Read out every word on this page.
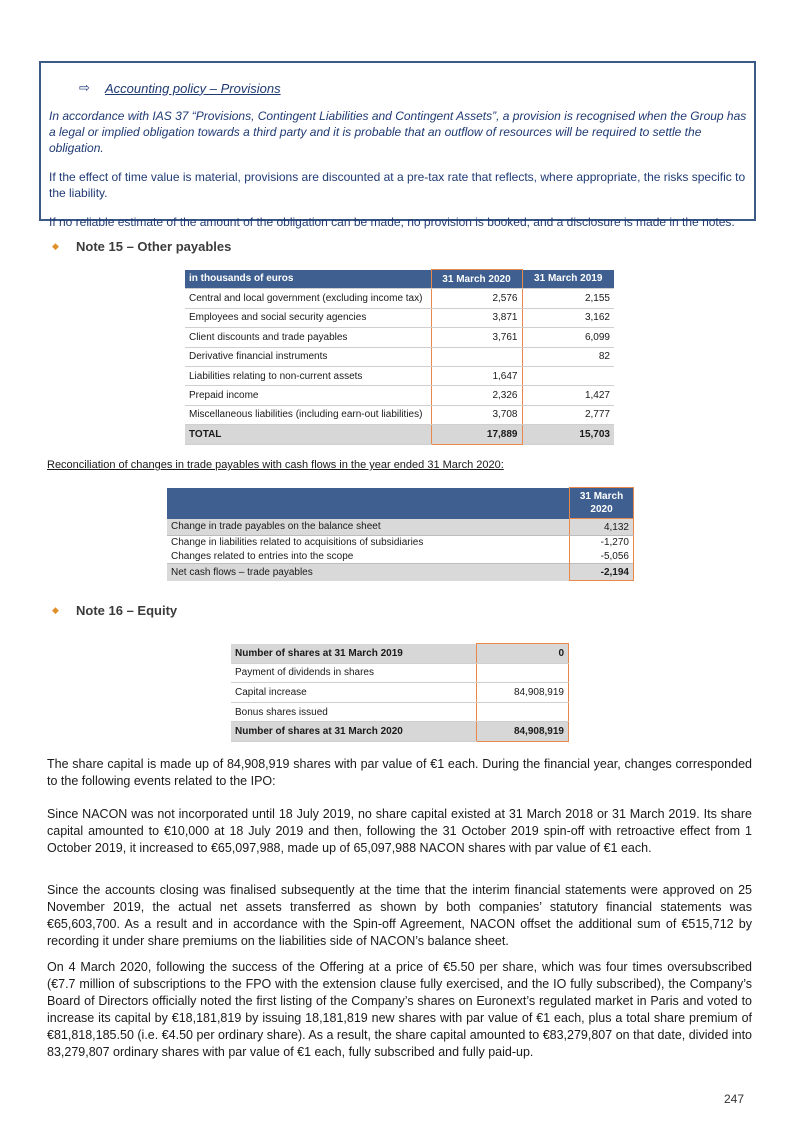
⇨	Accounting policy – Provisions

In accordance with IAS 37 “Provisions, Contingent Liabilities and Contingent Assets”, a provision is recognised when the Group has a legal or implied obligation towards a third party and it is probable that an outflow of resources will be required to settle the obligation.

If the effect of time value is material, provisions are discounted at a pre-tax rate that reflects, where appropriate, the risks specific to the liability.

If no reliable estimate of the amount of the obligation can be made, no provision is booked, and a disclosure is made in the notes.

◆	Note 15 – Other payables
in thousands of euros	31 March 2020	31 March 2019
Central and local government (excluding income tax)	2,576	2,155
Employees and social security agencies	3,871	3,162
Client discounts and trade payables	3,761	6,099
Derivative financial instruments		82
Liabilities relating to non-current assets	1,647	
Prepaid income	2,326	1,427
Miscellaneous liabilities (including earn-out liabilities)	3,708	2,777
TOTAL	17,889	15,703
Reconciliation of changes in trade payables with cash flows in the year ended 31 March 2020:
	31 March 2020
Change in trade payables on the balance sheet	4,132
Change in liabilities related to acquisitions of subsidiaries	-1,270
Changes related to entries into the scope	-5,056
Net cash flows – trade payables	-2,194
◆	Note 16 – Equity
Number of shares at 31 March 2019	0
Payment of dividends in shares	
Capital increase	84,908,919
Bonus shares issued	
Number of shares at 31 March 2020	84,908,919

The share capital is made up of 84,908,919 shares with par value of €1 each. During the financial year, changes corresponded to the following events related to the IPO:

Since NACON was not incorporated until 18 July 2019, no share capital existed at 31 March 2018 or 31 March 2019. Its share capital amounted to €10,000 at 18 July 2019 and then, following the 31 October 2019 spin-off with retroactive effect from 1 October 2019, it increased to €65,097,988, made up of 65,097,988 NACON shares with par value of €1 each.

Since the accounts closing was finalised subsequently at the time that the interim financial statements were approved on 25 November 2019, the actual net assets transferred as shown by both companies’ statutory financial statements was €65,603,700. As a result and in accordance with the Spin-off Agreement, NACON offset the additional sum of €515,712 by recording it under share premiums on the liabilities side of NACON’s balance sheet.

On 4 March 2020, following the success of the Offering at a price of €5.50 per share, which was four times oversubscribed (€7.7 million of subscriptions to the FPO with the extension clause fully exercised, and the IO fully subscribed), the Company’s Board of Directors officially noted the first listing of the Company’s shares on Euronext’s regulated market in Paris and voted to increase its capital by €18,181,819 by issuing 18,181,819 new shares with par value of €1 each, plus a total share premium of €81,818,185.50 (i.e. €4.50 per ordinary share). As a result, the share capital amounted to €83,279,807 on that date, divided into 83,279,807 ordinary shares with par value of €1 each, fully subscribed and fully paid-up.

247
